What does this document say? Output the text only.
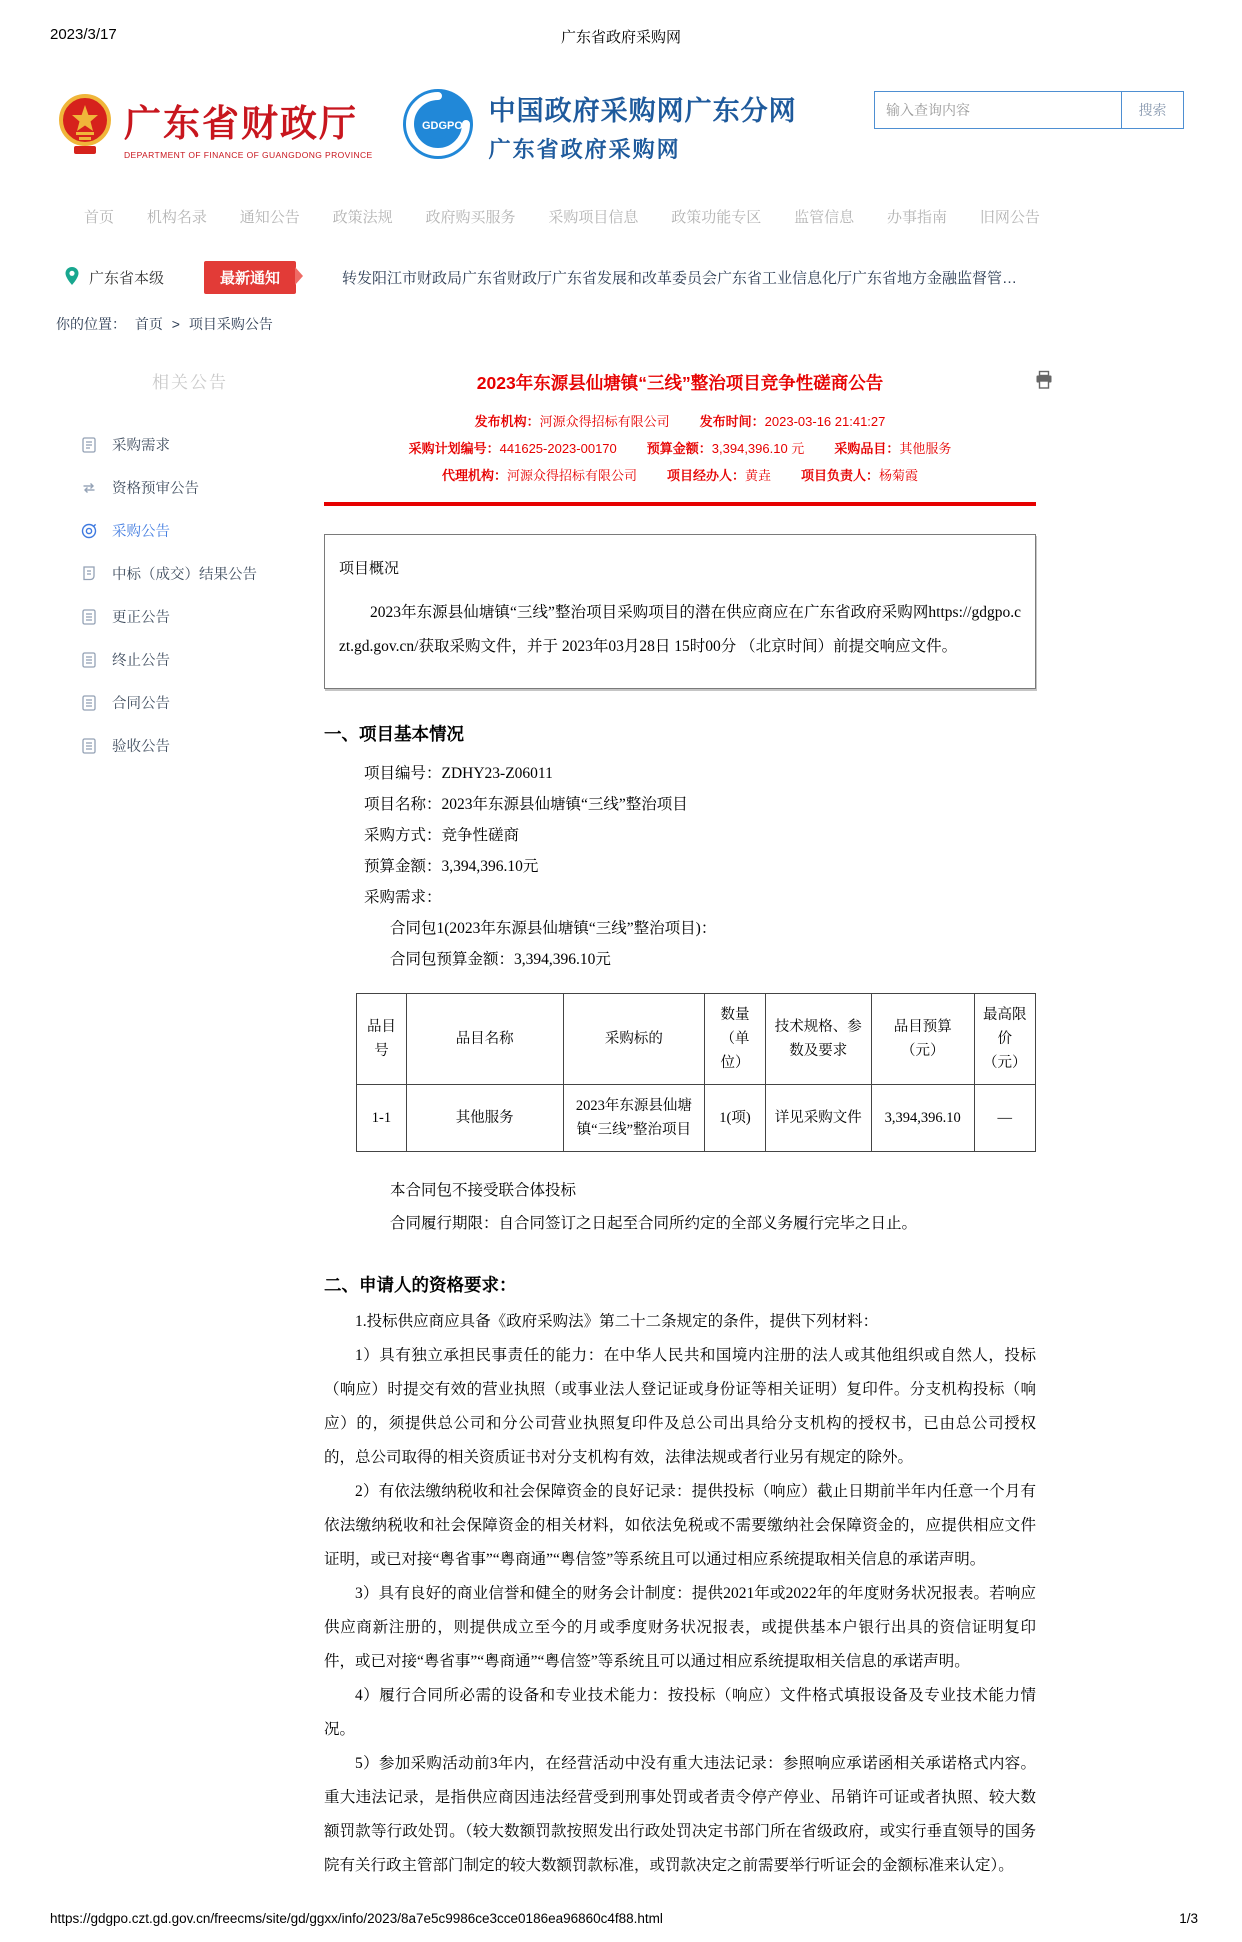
2023/3/17	广东省政府采购网
广东省财政厅
DEPARTMENT OF FINANCE OF GUANGDONG PROVINCE
GDGPO 中国政府采购网广东分网
广东省政府采购网
输入查询内容
搜索
首页 机构名录 通知公告 政策法规 政府购买服务 采购项目信息 政策功能专区 监管信息 办事指南 旧网公告
广东省本级	最新通知	转发阳江市财政局广东省财政厅广东省发展和改革委员会广东省工业信息化厅广东省地方金融监督管…
你的位置： 首页 > 项目采购公告
相关公告
采购需求
资格预审公告
采购公告
中标（成交）结果公告
更正公告
终止公告
合同公告
验收公告
2023年东源县仙塘镇“三线”整治项目竞争性磋商公告
发布机构：河源众得招标有限公司 发布时间：2023-03-16 21:41:27
采购计划编号：441625-2023-00170 预算金额：3,394,396.10 元 采购品目：其他服务
代理机构：河源众得招标有限公司 项目经办人：黄垚 项目负责人：杨菊霞
项目概况
2023年东源县仙塘镇“三线”整治项目采购项目的潜在供应商应在广东省政府采购网https://gdgpo.czt.gd.gov.cn/获取采购文件，并于 2023年03月28日 15时00分 （北京时间）前提交响应文件。
一、项目基本情况
项目编号：ZDHY23-Z06011
项目名称：2023年东源县仙塘镇“三线”整治项目
采购方式：竞争性磋商
预算金额：3,394,396.10元
采购需求：
合同包1(2023年东源县仙塘镇“三线”整治项目)：
合同包预算金额：3,394,396.10元
品目号	品目名称	采购标的	数量（单位）	技术规格、参数及要求	品目预算（元）	最高限价（元）
1-1	其他服务	2023年东源县仙塘镇“三线”整治项目	1(项)	详见采购文件	3,394,396.10	—
本合同包不接受联合体投标
合同履行期限：自合同签订之日起至合同所约定的全部义务履行完毕之日止。
二、申请人的资格要求：
1.投标供应商应具备《政府采购法》第二十二条规定的条件，提供下列材料：
1）具有独立承担民事责任的能力：在中华人民共和国境内注册的法人或其他组织或自然人，投标（响应）时提交有效的营业执照（或事业法人登记证或身份证等相关证明）复印件。分支机构投标（响应）的，须提供总公司和分公司营业执照复印件及总公司出具给分支机构的授权书，已由总公司授权的，总公司取得的相关资质证书对分支机构有效，法律法规或者行业另有规定的除外。
2）有依法缴纳税收和社会保障资金的良好记录：提供投标（响应）截止日期前半年内任意一个月有依法缴纳税收和社会保障资金的相关材料，如依法免税或不需要缴纳社会保障资金的，应提供相应文件证明，或已对接“粤省事”“粤商通”“粤信签”等系统且可以通过相应系统提取相关信息的承诺声明。
3）具有良好的商业信誉和健全的财务会计制度：提供2021年或2022年的年度财务状况报表。若响应供应商新注册的，则提供成立至今的月或季度财务状况报表，或提供基本户银行出具的资信证明复印件，或已对接“粤省事”“粤商通”“粤信签”等系统且可以通过相应系统提取相关信息的承诺声明。
4）履行合同所必需的设备和专业技术能力：按投标（响应）文件格式填报设备及专业技术能力情况。
5）参加采购活动前3年内，在经营活动中没有重大违法记录：参照响应承诺函相关承诺格式内容。重大违法记录，是指供应商因违法经营受到刑事处罚或者责令停产停业、吊销许可证或者执照、较大数额罚款等行政处罚。（较大数额罚款按照发出行政处罚决定书部门所在省级政府，或实行垂直领导的国务院有关行政主管部门制定的较大数额罚款标准，或罚款决定之前需要举行听证会的金额标准来认定）。
https://gdgpo.czt.gd.gov.cn/freecms/site/gd/ggxx/info/2023/8a7e5c9986ce3cce0186ea96860c4f88.html	1/3
